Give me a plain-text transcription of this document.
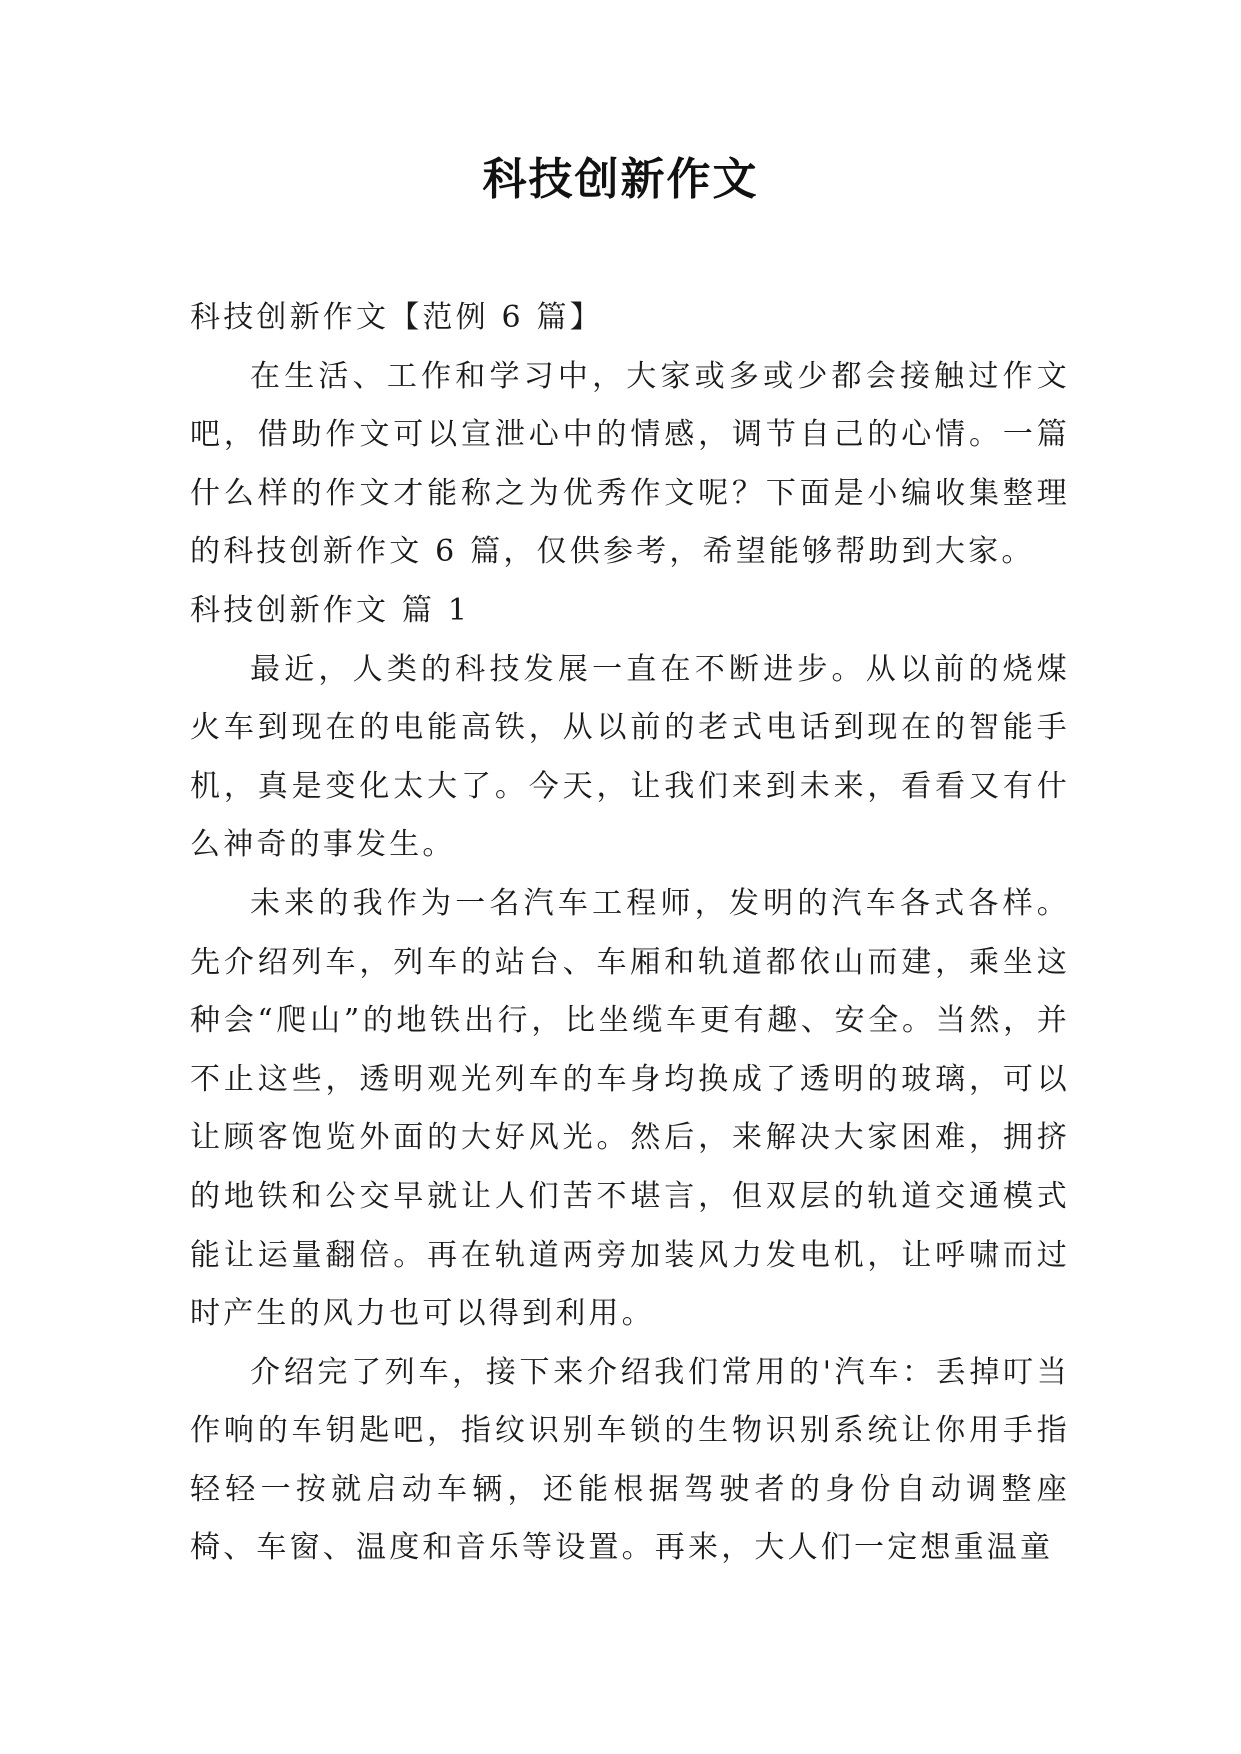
科技创新作文
科技创新作文【范例 6 篇】
在生活、工作和学习中，大家或多或少都会接触过作文吧，借助作文可以宣泄心中的情感，调节自己的心情。一篇什么样的作文才能称之为优秀作文呢？下面是小编收集整理的科技创新作文 6 篇，仅供参考，希望能够帮助到大家。
科技创新作文 篇 1
最近，人类的科技发展一直在不断进步。从以前的烧煤火车到现在的电能高铁，从以前的老式电话到现在的智能手机，真是变化太大了。今天，让我们来到未来，看看又有什么神奇的事发生。
未来的我作为一名汽车工程师，发明的汽车各式各样。先介绍列车，列车的站台、车厢和轨道都依山而建，乘坐这种会“爬山”的地铁出行，比坐缆车更有趣、安全。当然，并不止这些，透明观光列车的车身均换成了透明的玻璃，可以让顾客饱览外面的大好风光。然后，来解决大家困难，拥挤的地铁和公交早就让人们苦不堪言，但双层的轨道交通模式能让运量翻倍。再在轨道两旁加装风力发电机，让呼啸而过时产生的风力也可以得到利用。
介绍完了列车，接下来介绍我们常用的'汽车：丢掉叮当作响的车钥匙吧，指纹识别车锁的生物识别系统让你用手指轻轻一按就启动车辆，还能根据驾驶者的身份自动调整座椅、车窗、温度和音乐等设置。再来，大人们一定想重温童
